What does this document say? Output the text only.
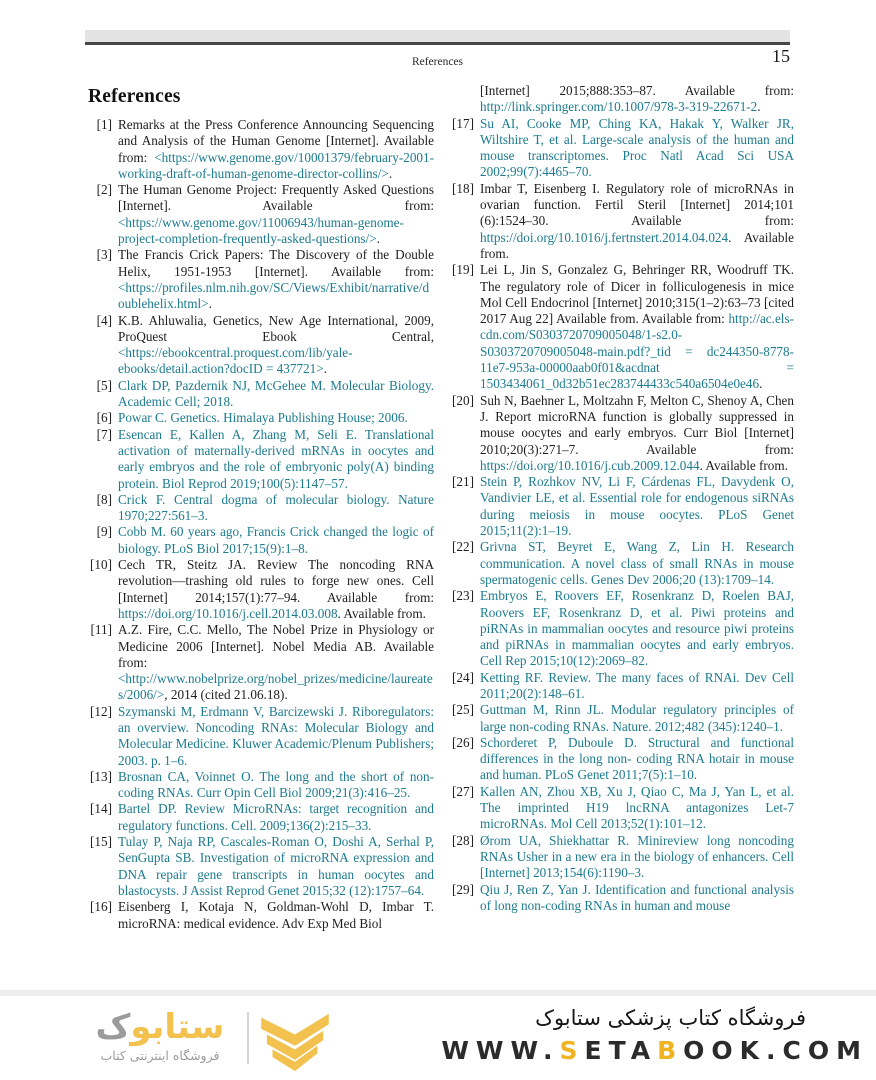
References	15
References
[1] Remarks at the Press Conference Announcing Sequencing and Analysis of the Human Genome [Internet]. Available from: <https://www.genome.gov/10001379/february-2001-working-draft-of-human-genome-director-collins/>.
[2] The Human Genome Project: Frequently Asked Questions [Internet]. Available from: <https://www.genome.gov/11006943/human-genome-project-completion-frequently-asked-questions/>.
[3] The Francis Crick Papers: The Discovery of the Double Helix, 1951-1953 [Internet]. Available from: <https://profiles.nlm.nih.gov/SC/Views/Exhibit/narrative/doublehelix.html>.
[4] K.B. Ahluwalia, Genetics, New Age International, 2009, ProQuest Ebook Central, <https://ebookcentral.proquest.com/lib/yale-ebooks/detail.action?docID = 437721>.
[5] Clark DP, Pazdernik NJ, McGehee M. Molecular Biology. Academic Cell; 2018.
[6] Powar C. Genetics. Himalaya Publishing House; 2006.
[7] Esencan E, Kallen A, Zhang M, Seli E. Translational activation of maternally-derived mRNAs in oocytes and early embryos and the role of embryonic poly(A) binding protein. Biol Reprod 2019;100(5):1147–57.
[8] Crick F. Central dogma of molecular biology. Nature 1970;227:561–3.
[9] Cobb M. 60 years ago, Francis Crick changed the logic of biology. PLoS Biol 2017;15(9):1–8.
[10] Cech TR, Steitz JA. Review The noncoding RNA revolution—trashing old rules to forge new ones. Cell [Internet] 2014;157(1):77–94. Available from: https://doi.org/10.1016/j.cell.2014.03.008. Available from.
[11] A.Z. Fire, C.C. Mello, The Nobel Prize in Physiology or Medicine 2006 [Internet]. Nobel Media AB. Available from: <http://www.nobelprize.org/nobel_prizes/medicine/laureates/2006/>, 2014 (cited 21.06.18).
[12] Szymanski M, Erdmann V, Barcizewski J. Riboregulators: an overview. Noncoding RNAs: Molecular Biology and Molecular Medicine. Kluwer Academic/Plenum Publishers; 2003. p. 1–6.
[13] Brosnan CA, Voinnet O. The long and the short of non-coding RNAs. Curr Opin Cell Biol 2009;21(3):416–25.
[14] Bartel DP. Review MicroRNAs: target recognition and regulatory functions. Cell. 2009;136(2):215–33.
[15] Tulay P, Naja RP, Cascales-Roman O, Doshi A, Serhal P, SenGupta SB. Investigation of microRNA expression and DNA repair gene transcripts in human oocytes and blastocysts. J Assist Reprod Genet 2015;32 (12):1757–64.
[16] Eisenberg I, Kotaja N, Goldman-Wohl D, Imbar T. microRNA: medical evidence. Adv Exp Med Biol
[Internet] 2015;888:353–87. Available from: http://link.springer.com/10.1007/978-3-319-22671-2.
[17] Su AI, Cooke MP, Ching KA, Hakak Y, Walker JR, Wiltshire T, et al. Large-scale analysis of the human and mouse transcriptomes. Proc Natl Acad Sci USA 2002;99(7):4465–70.
[18] Imbar T, Eisenberg I. Regulatory role of microRNAs in ovarian function. Fertil Steril [Internet] 2014;101 (6):1524–30. Available from: https://doi.org/10.1016/j.fertnstert.2014.04.024. Available from.
[19] Lei L, Jin S, Gonzalez G, Behringer RR, Woodruff TK. The regulatory role of Dicer in folliculogenesis in mice Mol Cell Endocrinol [Internet] 2010;315(1–2):63–73 [cited 2017 Aug 22] Available from. Available from: http://ac.els-cdn.com/S0303720709005048/1-s2.0-S0303720709005048-main.pdf?_tid = dc244350-8778-11e7-953a-00000aab0f01&acdnat = 1503434061_0d32b51ec283744433c540a6504e0e46.
[20] Suh N, Baehner L, Moltzahn F, Melton C, Shenoy A, Chen J. Report microRNA function is globally suppressed in mouse oocytes and early embryos. Curr Biol [Internet] 2010;20(3):271–7. Available from: https://doi.org/10.1016/j.cub.2009.12.044. Available from.
[21] Stein P, Rozhkov NV, Li F, Cárdenas FL, Davydenk O, Vandivier LE, et al. Essential role for endogenous siRNAs during meiosis in mouse oocytes. PLoS Genet 2015;11(2):1–19.
[22] Grivna ST, Beyret E, Wang Z, Lin H. Research communication. A novel class of small RNAs in mouse spermatogenic cells. Genes Dev 2006;20 (13):1709–14.
[23] Embryos E, Roovers EF, Rosenkranz D, Roelen BAJ, Roovers EF, Rosenkranz D, et al. Piwi proteins and piRNAs in mammalian oocytes and resource piwi proteins and piRNAs in mammalian oocytes and early embryos. Cell Rep 2015;10(12):2069–82.
[24] Ketting RF. Review. The many faces of RNAi. Dev Cell 2011;20(2):148–61.
[25] Guttman M, Rinn JL. Modular regulatory principles of large non-coding RNAs. Nature. 2012;482 (345):1240–1.
[26] Schorderet P, Duboule D. Structural and functional differences in the long non- coding RNA hotair in mouse and human. PLoS Genet 2011;7(5):1–10.
[27] Kallen AN, Zhou XB, Xu J, Qiao C, Ma J, Yan L, et al. The imprinted H19 lncRNA antagonizes Let-7 microRNAs. Mol Cell 2013;52(1):101–12.
[28] Ørom UA, Shiekhattar R. Minireview long noncoding RNAs Usher in a new era in the biology of enhancers. Cell [Internet] 2013;154(6):1190–3.
[29] Qiu J, Ren Z, Yan J. Identification and functional analysis of long non-coding RNAs in human and mouse
ستابوک
فروشگاه اینترنتی کتاب
فروشگاه کتاب پزشکی ستابوک
WWW.SETABOOK.COM
